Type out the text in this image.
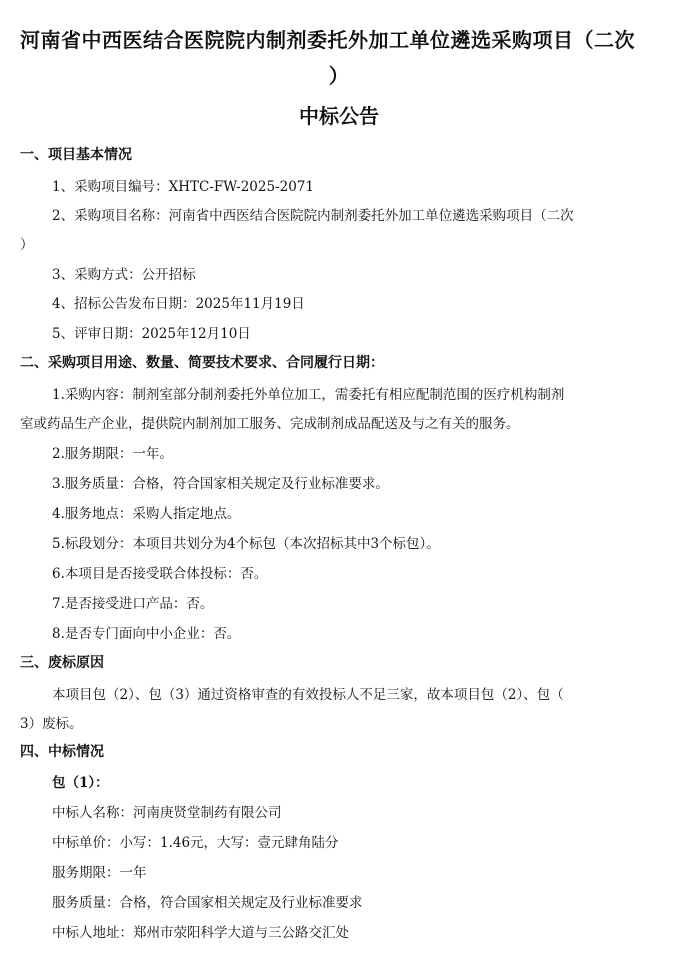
河南省中西医结合医院院内制剂委托外加工单位遴选采购项目（二次
）
中标公告
一、项目基本情况
1、采购项目编号：XHTC-FW-2025-2071
2、采购项目名称：河南省中西医结合医院院内制剂委托外加工单位遴选采购项目（二次
）
3、采购方式：公开招标
4、招标公告发布日期：2025年11月19日
5、评审日期：2025年12月10日
二、采购项目用途、数量、简要技术要求、合同履行日期：
1.采购内容：制剂室部分制剂委托外单位加工，需委托有相应配制范围的医疗机构制剂
室或药品生产企业，提供院内制剂加工服务、完成制剂成品配送及与之有关的服务。
2.服务期限：一年。
3.服务质量：合格，符合国家相关规定及行业标准要求。
4.服务地点：采购人指定地点。
5.标段划分：本项目共划分为4个标包（本次招标其中3个标包）。
6.本项目是否接受联合体投标：否。
7.是否接受进口产品：否。
8.是否专门面向中小企业：否。
三、废标原因
本项目包（2）、包（3）通过资格审查的有效投标人不足三家，故本项目包（2）、包（
3）废标。
四、中标情况
包（1）：
中标人名称：河南庚贤堂制药有限公司
中标单价：小写：1.46元，大写：壹元肆角陆分
服务期限：一年
服务质量：合格，符合国家相关规定及行业标准要求
中标人地址：郑州市荥阳科学大道与三公路交汇处
